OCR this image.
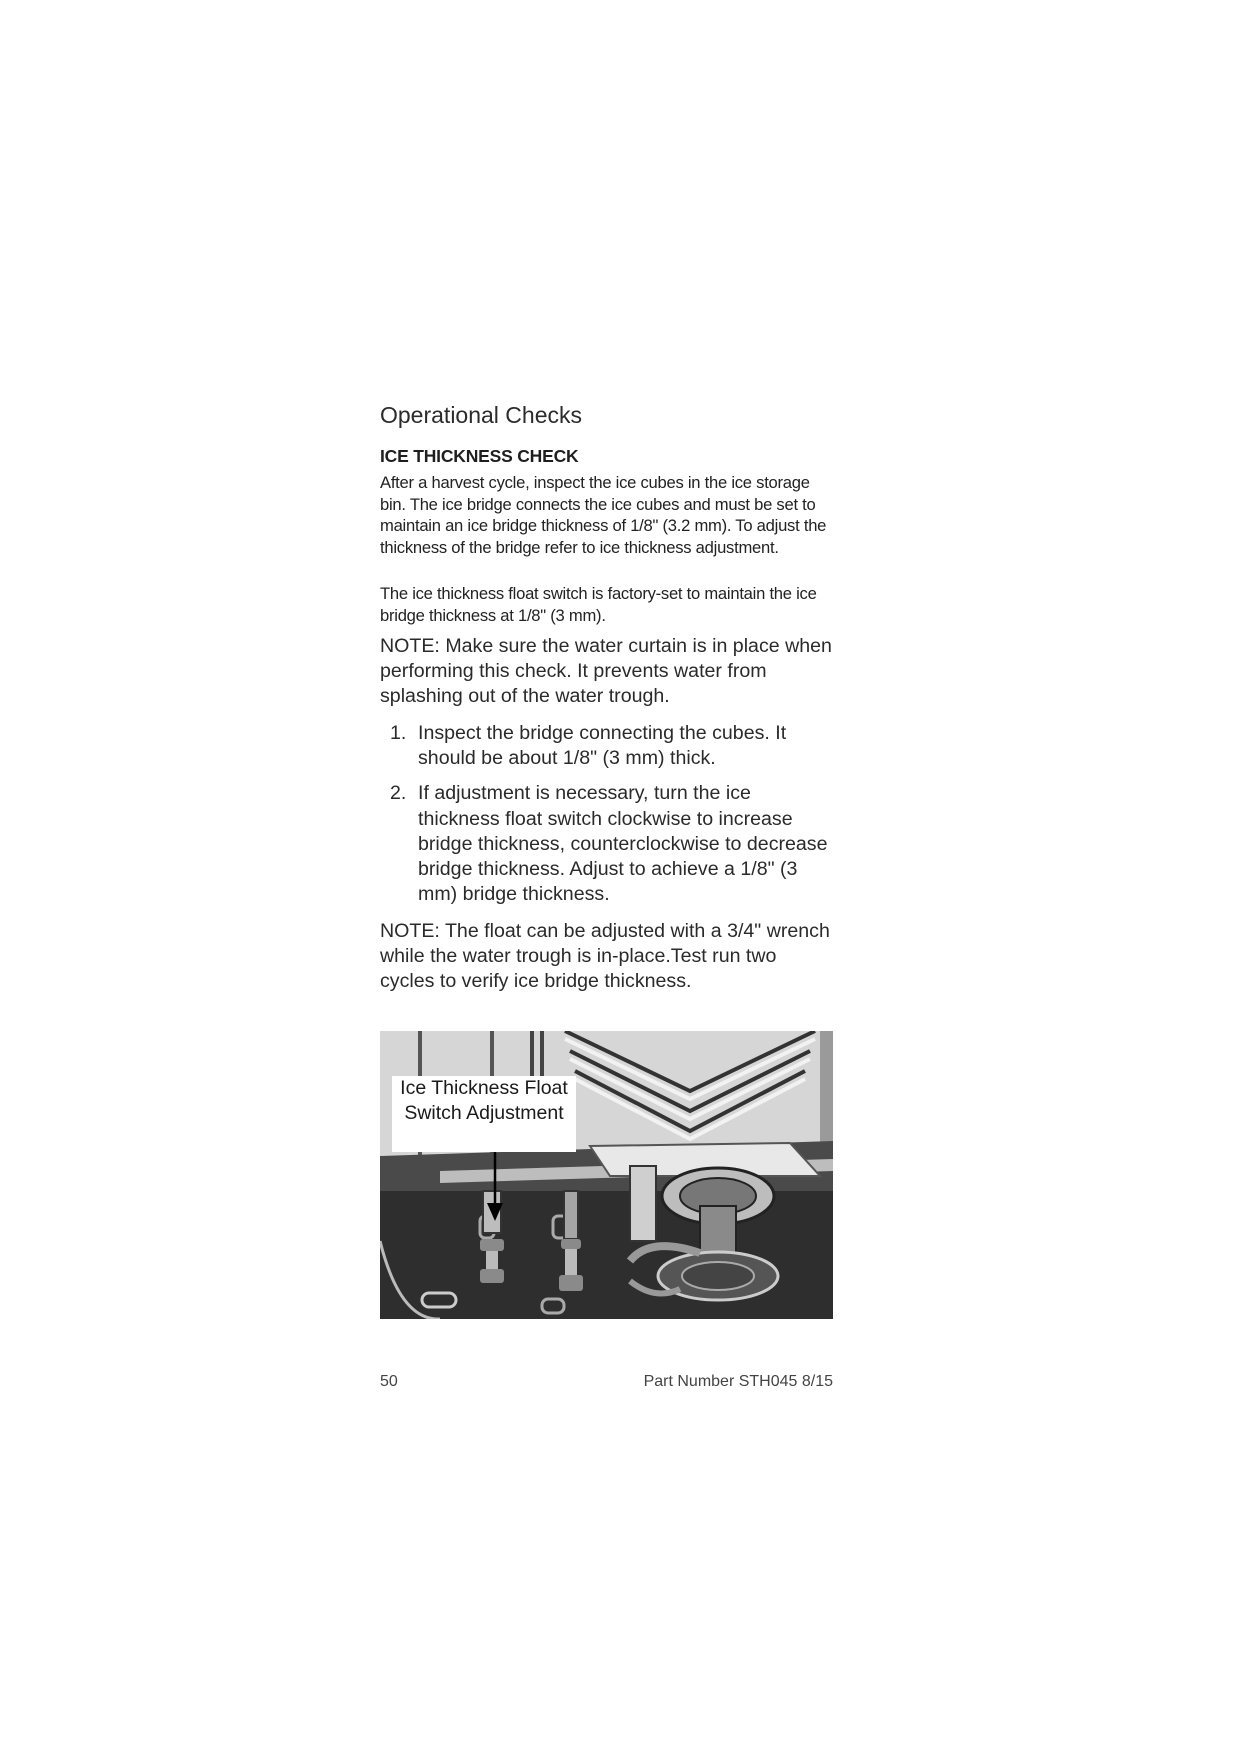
Operational Checks
ICE THICKNESS CHECK

After a harvest cycle, inspect the ice cubes in the ice storage bin. The ice bridge connects the ice cubes and must be set to maintain an ice bridge thickness of 1/8" (3.2 mm). To adjust the thickness of the bridge refer to ice thickness adjustment.

The ice thickness float switch is factory-set to maintain the ice bridge thickness at 1/8" (3 mm).

NOTE: Make sure the water curtain is in place when performing this check. It prevents water from splashing out of the water trough.

1. Inspect the bridge connecting the cubes. It should be about 1/8" (3 mm) thick.
2. If adjustment is necessary, turn the ice thickness float switch clockwise to increase bridge thickness, counterclockwise to decrease bridge thickness. Adjust to achieve a 1/8" (3 mm) bridge thickness.

NOTE: The float can be adjusted with a 3/4" wrench while the water trough is in-place.Test run two cycles to verify ice bridge thickness.

Ice Thickness Float
Switch Adjustment
50	Part Number STH045 8/15
